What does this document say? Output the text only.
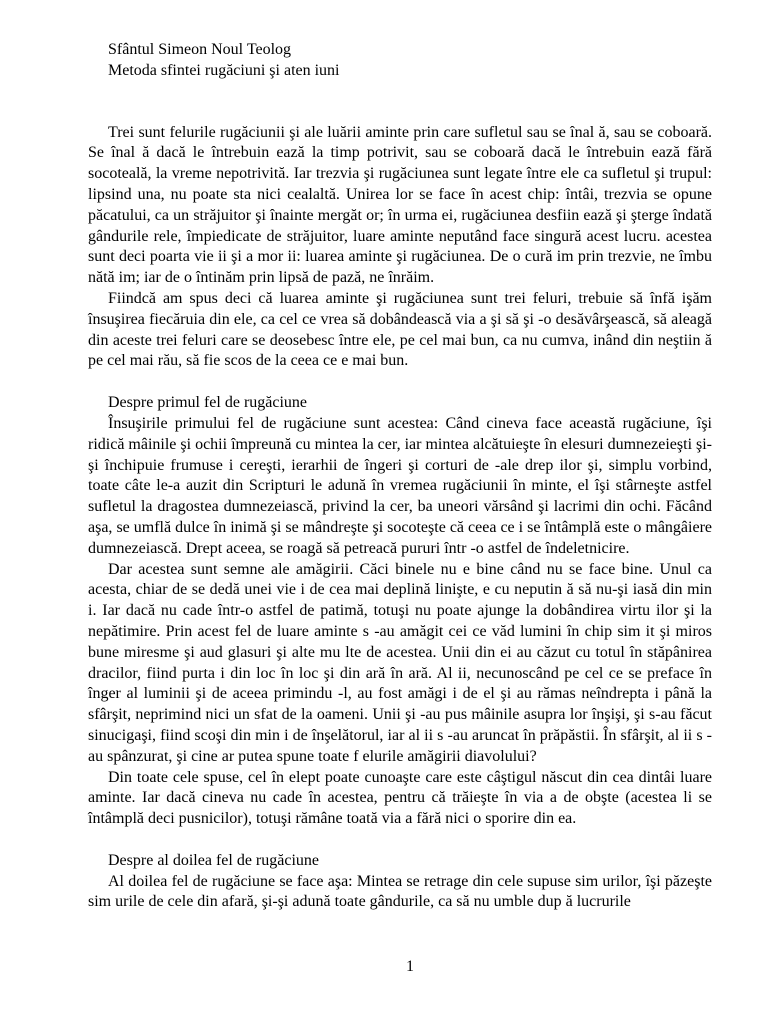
Sfântul Simeon Noul Teolog

Metoda sfintei rugăciuni şi aten iuni

Trei sunt felurile rugăciunii şi ale luării aminte prin care sufletul sau se înal ă, sau se coboară. Se înal ă dacă le întrebuin ează la timp potrivit, sau se coboară dacă le întrebuin ează fără socoteală, la vreme nepotrivită. Iar trezvia şi rugăciunea sunt legate între ele ca sufletul şi trupul: lipsind una, nu poate sta nici cealaltă. Unirea lor se face în acest chip: întâi, trezvia se opune păcatului, ca un străjuitor şi înainte mergăt or; în urma ei, rugăciunea desfiin ează şi şterge îndată gândurile rele, împiedicate de străjuitor, luare aminte neputând face singură acest lucru. acestea sunt deci poarta vie ii şi a mor ii: luarea aminte şi rugăciunea. De o cură im prin trezvie, ne îmbu nătă im; iar de o întinăm prin lipsă de pază, ne înrăim.

Fiindcă am spus deci că luarea aminte şi rugăciunea sunt trei feluri, trebuie să înfă işăm însuşirea fiecăruia din ele, ca cel ce vrea să dobândească via a şi să şi -o desăvârşească, să aleagă din aceste trei feluri care se deosebesc între ele, pe cel mai bun, ca nu cumva, inând din neştiin ă pe cel mai rău, să fie scos de la ceea ce e mai bun.

Despre primul fel de rugăciune

Însuşirile primului fel de rugăciune sunt acestea: Când cineva face această rugăciune, îşi ridică mâinile şi ochii împreună cu mintea la cer, iar mintea alcătuieşte în elesuri dumnezeieşti şi-şi închipuie frumuse i cereşti, ierarhii de îngeri şi corturi de -ale drep ilor şi, simplu vorbind, toate câte le-a auzit din Scripturi le adună în vremea rugăciunii în minte, el îşi stârneşte astfel sufletul la dragostea dumnezeiască, privind la cer, ba uneori vărsând şi lacrimi din ochi. Făcând aşa, se umflă dulce în inimă şi se mândreşte şi socoteşte că ceea ce i se întâmplă este o mângâiere dumnezeiască. Drept aceea, se roagă să petreacă pururi într -o astfel de îndeletnicire.

Dar acestea sunt semne ale amăgirii. Căci binele nu e bine când nu se face bine. Unul ca acesta, chiar de se dedă unei vie i de cea mai deplină linişte, e cu neputin ă să nu-şi iasă din min i. Iar dacă nu cade într-o astfel de patimă, totuşi nu poate ajunge la dobândirea virtu ilor şi la nepătimire. Prin acest fel de luare aminte s -au amăgit cei ce văd lumini în chip sim it şi miros bune miresme şi aud glasuri şi alte mu lte de acestea. Unii din ei au căzut cu totul în stăpânirea dracilor, fiind purta i din loc în loc şi din ară în ară. Al ii, necunoscând pe cel ce se preface în înger al luminii şi de aceea primindu -l, au fost amăgi i de el şi au rămas neîndrepta i până la sfârşit, neprimind nici un sfat de la oameni. Unii şi -au pus mâinile asupra lor înşişi, şi s-au făcut sinucigaşi, fiind scoşi din min i de înşelătorul, iar al ii s -au aruncat în prăpăstii. În sfârşit, al ii s -au spânzurat, şi cine ar putea spune toate f elurile amăgirii diavolului?

Din toate cele spuse, cel în elept poate cunoaşte care este câştigul născut din cea dintâi luare aminte. Iar dacă cineva nu cade în acestea, pentru că trăieşte în via a de obşte (acestea li se întâmplă deci pusnicilor), totuşi rămâne toată via a fără nici o sporire din ea.

Despre al doilea fel de rugăciune

Al doilea fel de rugăciune se face aşa: Mintea se retrage din cele supuse sim urilor, îşi păzeşte sim urile de cele din afară, şi-şi adună toate gândurile, ca să nu umble dup ă lucrurile

1
